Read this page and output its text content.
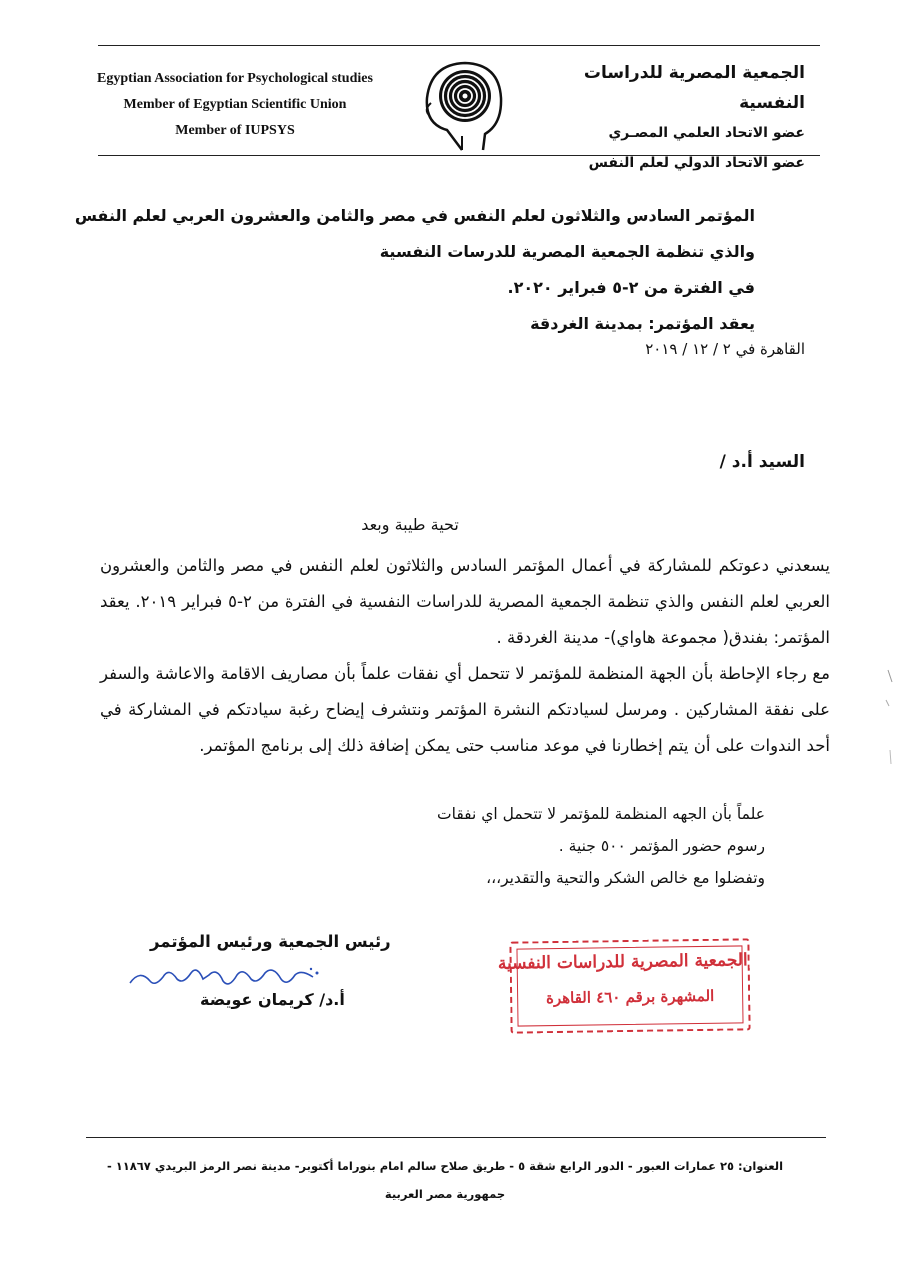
Egyptian Association for Psychological studies
Member of Egyptian Scientific Union
Member of IUPSYS
الجمعية المصرية للدراسات النفسية
عضو الاتحاد العلمي المصـري
عضو الاتحاد الدولي لعلم النفس
المؤتمر السادس والثلاثون لعلم النفس في مصر والثامن والعشرون العربي لعلم النفس
والذي تنظمة الجمعية المصرية للدرسات النفسية
في الفترة من ٢-٥ فبراير ٢٠٢٠.
يعقد المؤتمر: بمدينة الغردقة
القاهرة في ٢ / ١٢ / ٢٠١٩
السيد أ.د /
تحية طيبة وبعد

يسعدني دعوتكم للمشاركة في أعمال المؤتمر السادس والثلاثون لعلم النفس في مصر والثامن والعشرون العربي لعلم النفس والذي تنظمة الجمعية المصرية للدراسات النفسية في الفترة من ٢-٥ فبراير ٢٠١٩. يعقد المؤتمر: بفندق( مجموعة هاواي)- مدينة الغردقة .

مع رجاء الإحاطة بأن الجهة المنظمة للمؤتمر لا تتحمل أي نفقات علماً بأن مصاريف الاقامة والاعاشة والسفر على نفقة المشاركين . ومرسل لسيادتكم النشرة المؤتمر ونتشرف إيضاح رغبة سيادتكم في المشاركة في أحد الندوات على أن يتم إخطارنا في موعد مناسب حتى يمكن إضافة ذلك إلى برنامج المؤتمر.

علماً بأن الجهه المنظمة للمؤتمر لا تتحمل اي نفقات
رسوم حضور المؤتمر ٥٠٠ جنية .
وتفضلوا مع خالص الشكر والتحية والتقدير،،،
رئيس الجمعية ورئيس المؤتمر
أ.د/ كريمان عويضة
الجمعية المصرية للدراسات النفسية
المشهرة برقم ٤٦٠ القاهرة
العنوان: ٢٥ عمارات العبور - الدور الرابع شقة ٥ - طريق صلاح سالم امام بنوراما أكتوبر- مدينة نصر الرمز البريدي ١١٨٦٧ -
جمهورية مصر العربية
